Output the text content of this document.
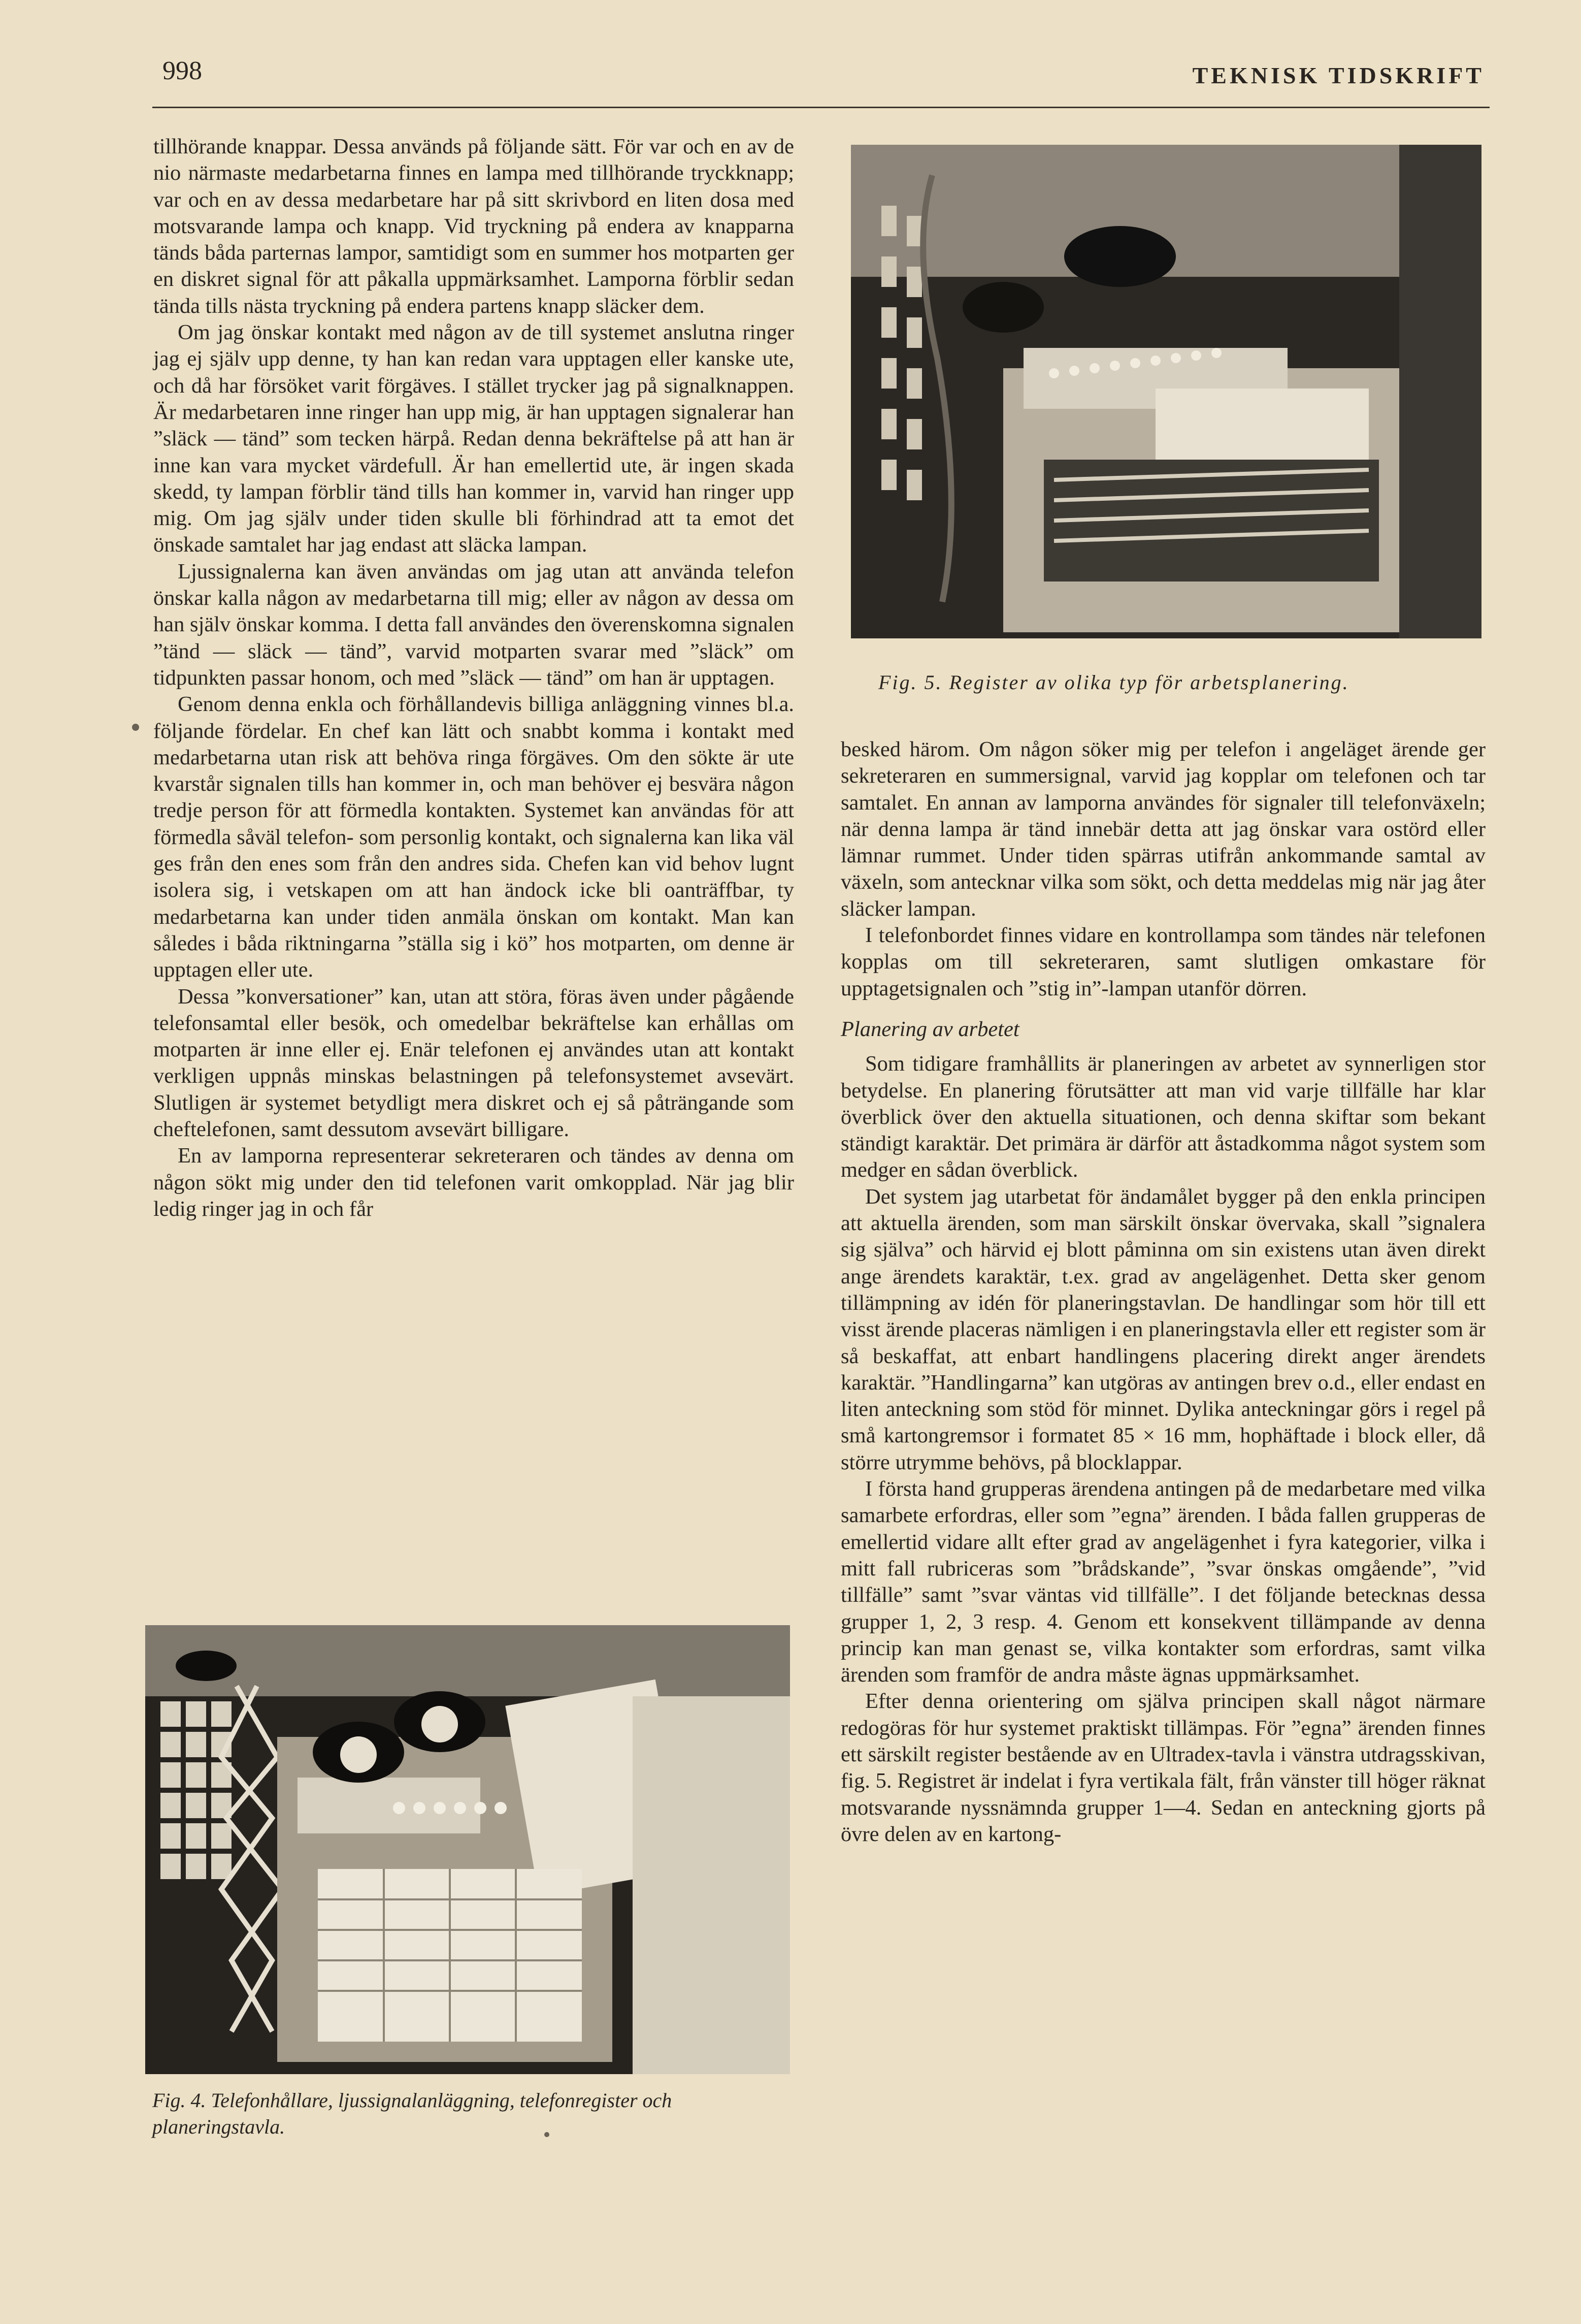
998	TEKNISK TIDSKRIFT

tillhörande knappar. Dessa används på följande sätt. För var och en av de nio närmaste medarbetarna finnes en lampa med tillhörande tryckknapp; var och en av dessa medarbetare har på sitt skrivbord en liten dosa med motsvarande lampa och knapp. Vid tryckning på endera av knapparna tänds båda parternas lampor, samtidigt som en summer hos motparten ger en diskret signal för att påkalla uppmärksamhet. Lamporna förblir sedan tända tills nästa tryckning på endera partens knapp släcker dem.

Om jag önskar kontakt med någon av de till systemet anslutna ringer jag ej själv upp denne, ty han kan redan vara upptagen eller kanske ute, och då har försöket varit förgäves. I stället trycker jag på signalknappen. Är medarbetaren inne ringer han upp mig, är han upptagen signalerar han ”släck — tänd” som tecken härpå. Redan denna bekräftelse på att han är inne kan vara mycket värdefull. Är han emellertid ute, är ingen skada skedd, ty lampan förblir tänd tills han kommer in, varvid han ringer upp mig. Om jag själv under tiden skulle bli förhindrad att ta emot det önskade samtalet har jag endast att släcka lampan.

Ljussignalerna kan även användas om jag utan att använda telefon önskar kalla någon av medarbetarna till mig; eller av någon av dessa om han själv önskar komma. I detta fall användes den överenskomna signalen ”tänd — släck — tänd”, varvid motparten svarar med ”släck” om tidpunkten passar honom, och med ”släck — tänd” om han är upptagen.

Genom denna enkla och förhållandevis billiga anläggning vinnes bl.a. följande fördelar. En chef kan lätt och snabbt komma i kontakt med medarbetarna utan risk att behöva ringa förgäves. Om den sökte är ute kvarstår signalen tills han kommer in, och man behöver ej besvära någon tredje person för att förmedla kontakten. Systemet kan användas för att förmedla såväl telefon- som personlig kontakt, och signalerna kan lika väl ges från den enes som från den andres sida. Chefen kan vid behov lugnt isolera sig, i vetskapen om att han ändock icke bli oanträffbar, ty medarbetarna kan under tiden anmäla önskan om kontakt. Man kan således i båda riktningarna ”ställa sig i kö” hos motparten, om denne är upptagen eller ute.

Dessa ”konversationer” kan, utan att störa, föras även under pågående telefonsamtal eller besök, och omedelbar bekräftelse kan erhållas om motparten är inne eller ej. Enär telefonen ej användes utan att kontakt verkligen uppnås minskas belastningen på telefonsystemet avsevärt. Slutligen är systemet betydligt mera diskret och ej så påträngande som cheftelefonen, samt dessutom avsevärt billigare.

En av lamporna representerar sekreteraren och tändes av denna om någon sökt mig under den tid telefonen varit omkopplad. När jag blir ledig ringer jag in och får

Fig. 5. Register av olika typ för arbetsplanering.

besked härom. Om någon söker mig per telefon i angeläget ärende ger sekreteraren en summersignal, varvid jag kopplar om telefonen och tar samtalet. En annan av lamporna användes för signaler till telefonväxeln; när denna lampa är tänd innebär detta att jag önskar vara ostörd eller lämnar rummet. Under tiden spärras utifrån ankommande samtal av växeln, som antecknar vilka som sökt, och detta meddelas mig när jag åter släcker lampan.

I telefonbordet finnes vidare en kontrollampa som tändes när telefonen kopplas om till sekreteraren, samt slutligen omkastare för upptagetsignalen och ”stig in”-lampan utanför dörren.

Planering av arbetet

Som tidigare framhållits är planeringen av arbetet av synnerligen stor betydelse. En planering förutsätter att man vid varje tillfälle har klar överblick över den aktuella situationen, och denna skiftar som bekant ständigt karaktär. Det primära är därför att åstadkomma något system som medger en sådan överblick.

Det system jag utarbetat för ändamålet bygger på den enkla principen att aktuella ärenden, som man särskilt önskar övervaka, skall ”signalera sig själva” och härvid ej blott påminna om sin existens utan även direkt ange ärendets karaktär, t.ex. grad av angelägenhet. Detta sker genom tillämpning av idén för planeringstavlan. De handlingar som hör till ett visst ärende placeras nämligen i en planeringstavla eller ett register som är så beskaffat, att enbart handlingens placering direkt anger ärendets karaktär. ”Handlingarna” kan utgöras av antingen brev o.d., eller endast en liten anteckning som stöd för minnet. Dylika anteckningar görs i regel på små kartongremsor i formatet 85 × 16 mm, hophäftade i block eller, då större utrymme behövs, på blocklappar.

I första hand grupperas ärendena antingen på de medarbetare med vilka samarbete erfordras, eller som ”egna” ärenden. I båda fallen grupperas de emellertid vidare allt efter grad av angelägenhet i fyra kategorier, vilka i mitt fall rubriceras som ”brådskande”, ”svar önskas omgående”, ”vid tillfälle” samt ”svar väntas vid tillfälle”. I det följande betecknas dessa grupper 1, 2, 3 resp. 4. Genom ett konsekvent tillämpande av denna princip kan man genast se, vilka kontakter som erfordras, samt vilka ärenden som framför de andra måste ägnas uppmärksamhet.

Efter denna orientering om själva principen skall något närmare redogöras för hur systemet praktiskt tillämpas. För ”egna” ärenden finnes ett särskilt register bestående av en Ultradex-tavla i vänstra utdragsskivan, fig. 5. Registret är indelat i fyra vertikala fält, från vänster till höger räknat motsvarande nyssnämnda grupper 1—4. Sedan en anteckning gjorts på övre delen av en kartong-

Fig. 4. Telefonhållare, ljussignalanläggning, telefonregister och planeringstavla.
